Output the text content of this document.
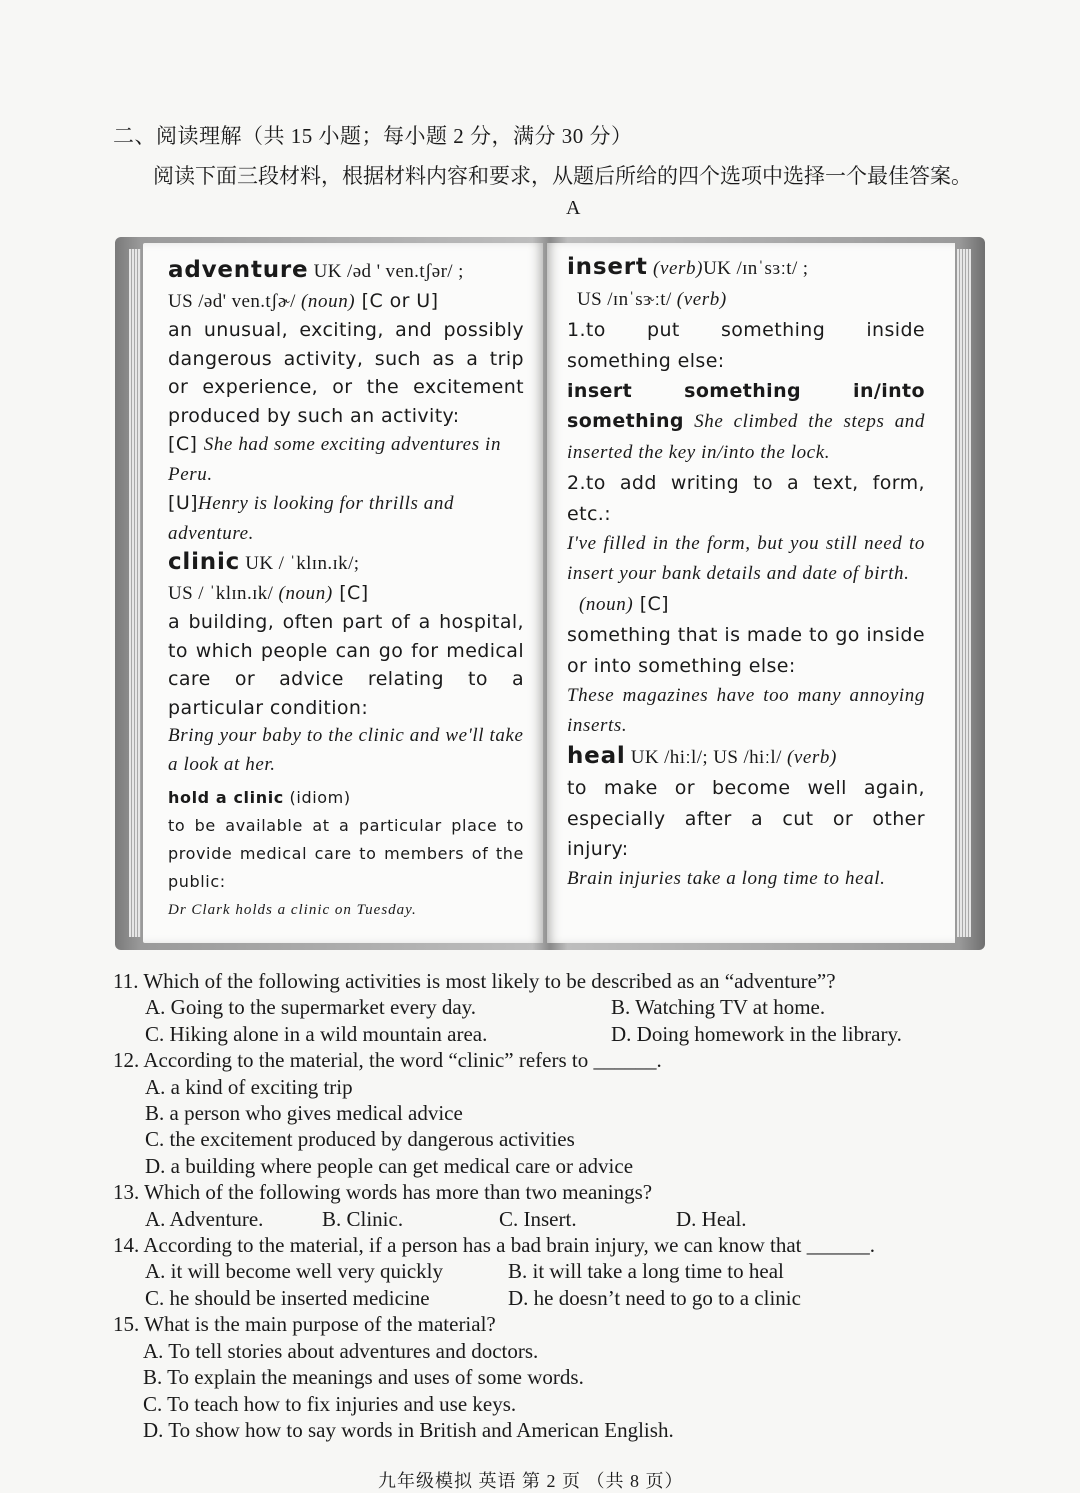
二、阅读理解（共 15 小题；每小题 2 分，满分 30 分）
阅读下面三段材料，根据材料内容和要求，从题后所给的四个选项中选择一个最佳答案。
A
adventure UK /əd ' ven.tʃər/ ;
US /əd' ven.tʃɚ/ (noun) [C or U]
an unusual, exciting, and possibly dangerous activity, such as a trip or experience, or the excitement produced by such an activity:
[C] She had some exciting adventures in Peru.
[U]Henry is looking for thrills and adventure.
clinic UK / ˈklɪn.ɪk/;
US / ˈklɪn.ɪk/ (noun) [C]
a building, often part of a hospital, to which people can go for medical care or advice relating to a particular condition:
Bring your baby to the clinic and we'll take a look at her.
hold a clinic (idiom)
to be available at a particular place to provide medical care to members of the public:
Dr Clark holds a clinic on Tuesday.
insert (verb)UK /ɪnˈsɜːt/ ;
US /ɪnˈsɝːt/ (verb)
1.to put something inside something else:
insert something in/into something She climbed the steps and inserted the key in/into the lock.
2.to add writing to a text, form, etc.:
I've filled in the form, but you still need to insert your bank details and date of birth.
(noun) [C]
something that is made to go inside or into something else:
These magazines have too many annoying inserts.
heal UK /hiːl/; US /hiːl/ (verb)
to make or become well again, especially after a cut or other injury:
Brain injuries take a long time to heal.
11. Which of the following activities is most likely to be described as an “adventure”?
A. Going to the supermarket every day.	B. Watching TV at home.
C. Hiking alone in a wild mountain area.	D. Doing homework in the library.
12. According to the material, the word “clinic” refers to ______.
A. a kind of exciting trip
B. a person who gives medical advice
C. the excitement produced by dangerous activities
D. a building where people can get medical care or advice
13. Which of the following words has more than two meanings?
A. Adventure.	B. Clinic.	C. Insert.	D. Heal.
14. According to the material, if a person has a bad brain injury, we can know that ______.
A. it will become well very quickly	B. it will take a long time to heal
C. he should be inserted medicine	D. he doesn’t need to go to a clinic
15. What is the main purpose of the material?
A. To tell stories about adventures and doctors.
B. To explain the meanings and uses of some words.
C. To teach how to fix injuries and use keys.
D. To show how to say words in British and American English.
九年级模拟 英语 第 2 页 （共 8 页）
